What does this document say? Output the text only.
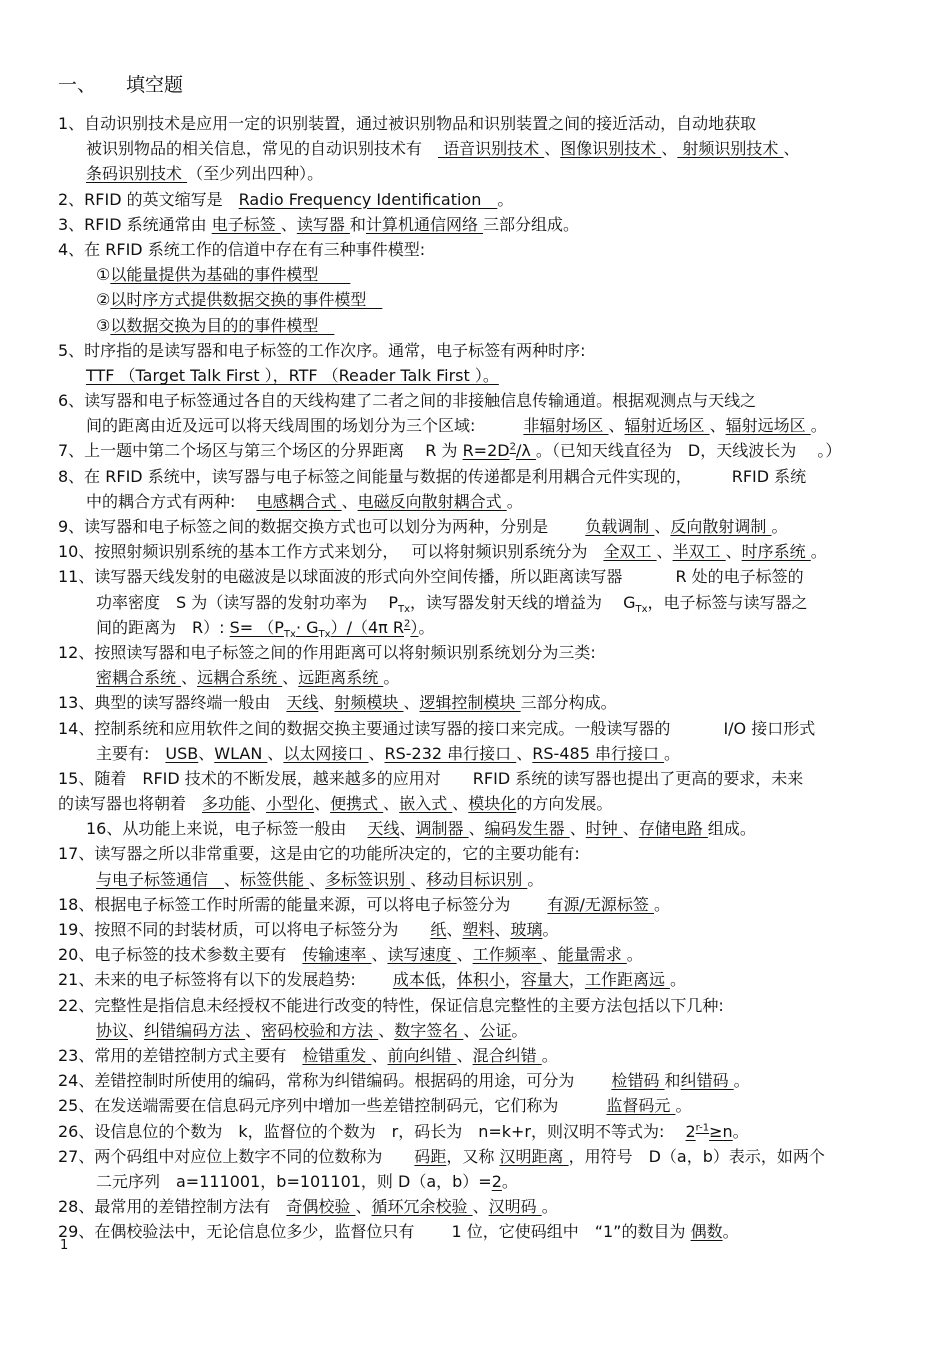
一、 填空题
1、自动识别技术是应用一定的识别装置，通过被识别物品和识别装置之间的接近活动，自动地获取
被识别物品的相关信息，常见的自动识别技术有　 语音识别技术 、图像识别技术 、 射频识别技术 、
条码识别技术 （至少列出四种）。
2、RFID 的英文缩写是　Radio Frequency Identification　。
3、RFID 系统通常由 电子标签 、读写器 和计算机通信网络 三部分组成。
4、在 RFID 系统工作的信道中存在有三种事件模型:
①以能量提供为基础的事件模型　　
②以时序方式提供数据交换的事件模型　
③以数据交换为目的的事件模型　
5、时序指的是读写器和电子标签的工作次序。通常，电子标签有两种时序:
TTF （Target Talk First ），RTF （Reader Talk First ）。
6、读写器和电子标签通过各自的天线构建了二者之间的非接触信息传输通道。根据观测点与天线之
间的距离由近及远可以将天线周围的场划分为三个区域:　　　非辐射场区 、辐射近场区 、辐射远场区 。
7、上一题中第二个场区与第三个场区的分界距离　 R 为 $R=2D^2/\lambda$ 。（已知天线直径为　D，天线波长为　 。）
8、在 RFID 系统中，读写器与电子标签之间能量与数据的传递都是利用耦合元件实现的，　　　RFID 系统
中的耦合方式有两种:　 电感耦合式 、电磁反向散射耦合式 。
9、读写器和电子标签之间的数据交换方式也可以划分为两种，分别是　　 负载调制 、反向散射调制 。
10、按照射频识别系统的基本工作方式来划分，　 可以将射频识别系统分为　全双工 、半双工 、时序系统 。
11、读写器天线发射的电磁波是以球面波的形式向外空间传播，所以距离读写器　　　 R 处的电子标签的
功率密度　S 为（读写器的发射功率为　 $P_{Tx}$，读写器发射天线的增益为　 $G_{Tx}$，电子标签与读写器之
间的距离为　R）: $S= (P_{Tx}\cdot G_{Tx})/(4\pi$ $R^2$）。
12、按照读写器和电子标签之间的作用距离可以将射频识别系统划分为三类:
密耦合系统 、远耦合系统 、远距离系统 。
13、典型的读写器终端一般由　天线、射频模块 、逻辑控制模块 三部分构成。
14、控制系统和应用软件之间的数据交换主要通过读写器的接口来完成。一般读写器的　　　 I/O 接口形式
主要有:　USB、WLAN 、以太网接口 、RS-232 串行接口 、RS-485 串行接口 。
15、随着　RFID 技术的不断发展，越来越多的应用对　　RFID 系统的读写器也提出了更高的要求，未来
的读写器也将朝着　多功能、小型化、便携式 、嵌入式 、模块化的方向发展。
16、从功能上来说，电子标签一般由　 天线、调制器 、编码发生器 、时钟 、存储电路 组成。
17、读写器之所以非常重要，这是由它的功能所决定的，它的主要功能有:
与电子标签通信　、标签供能 、多标签识别 、移动目标识别 。
18、根据电子标签工作时所需的能量来源，可以将电子标签分为　　 有源/无源标签 。
19、按照不同的封装材质，可以将电子标签分为　　纸、塑料、玻璃。
20、电子标签的技术参数主要有　传输速率 、读写速度 、工作频率 、能量需求 。
21、未来的电子标签将有以下的发展趋势:　　 成本低，体积小，容量大，工作距离远 。
22、完整性是指信息未经授权不能进行改变的特性，保证信息完整性的主要方法包括以下几种:
协议、纠错编码方法 、密码校验和方法 、数字签名 、公证。
23、常用的差错控制方式主要有　检错重发 、前向纠错 、混合纠错 。
24、差错控制时所使用的编码，常称为纠错编码。根据码的用途，可分为　　 检错码 和纠错码 。
25、在发送端需要在信息码元序列中增加一些差错控制码元，它们称为　　　监督码元 。
26、设信息位的个数为　k，监督位的个数为　r，码长为　n=k+r，则汉明不等式为:　 $2^{r-1}\ge n$。
27、两个码组中对应位上数字不同的位数称为　　码距，又称 汉明距离 ，用符号　D（a，b）表示，如两个
二元序列　a=111001，b=101101，则 D（a，b）=2。
28、最常用的差错控制方法有　奇偶校验 、循环冗余校验 、汉明码 。
29、在偶校验法中，无论信息位多少，监督位只有　　 1 位，它使码组中　“1”的数目为 偶数。
1
